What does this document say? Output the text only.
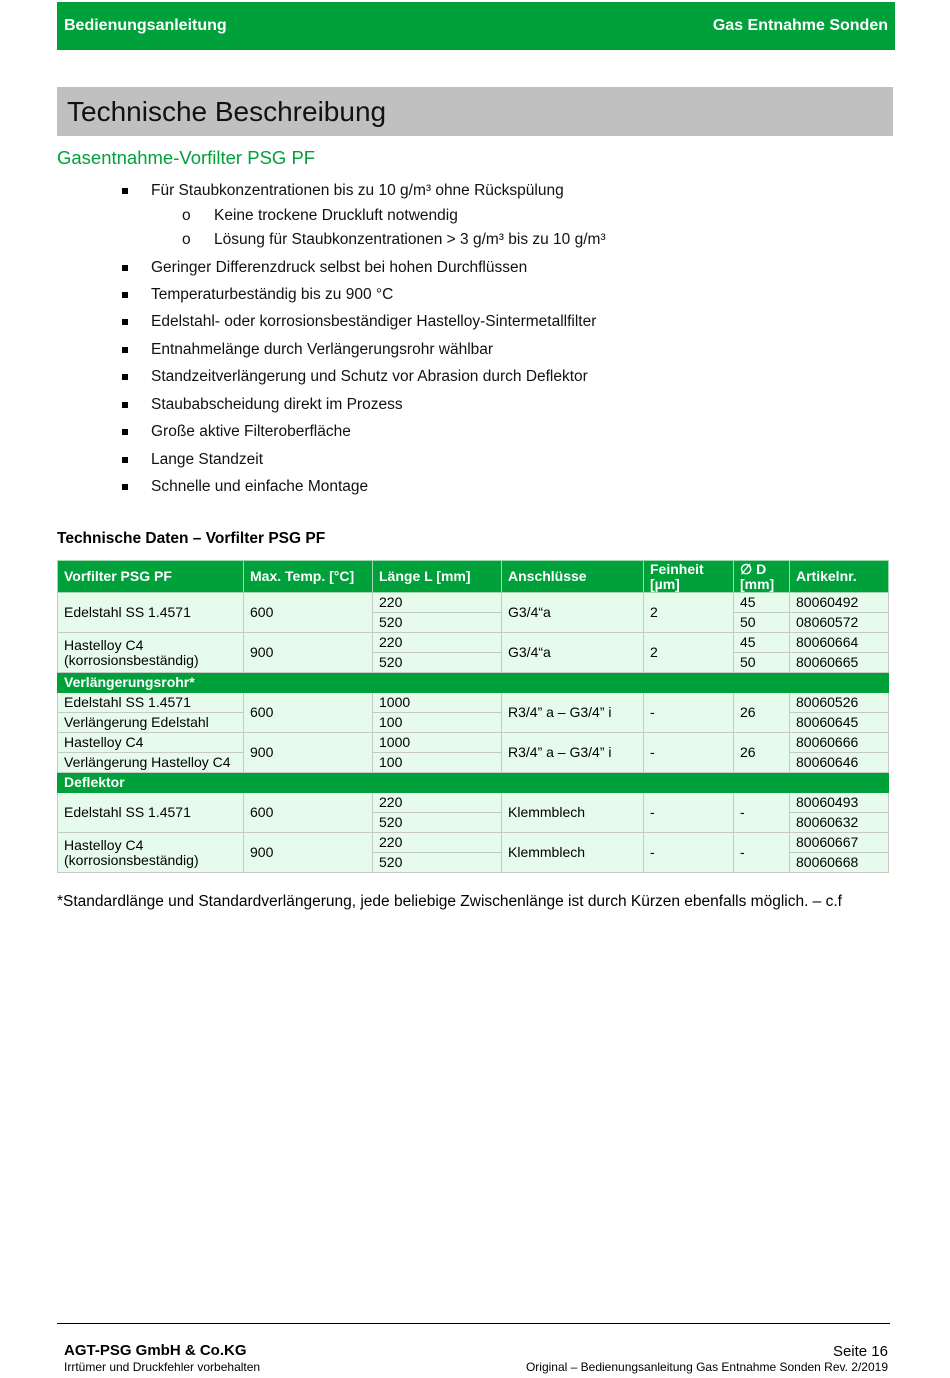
Bedienungsanleitung	Gas Entnahme Sonden
Technische Beschreibung
Gasentnahme-Vorfilter PSG PF
Für Staubkonzentrationen bis zu 10 g/m³ ohne Rückspülung
o Keine trockene Druckluft notwendig
o Lösung für Staubkonzentrationen > 3 g/m³ bis zu 10 g/m³
Geringer Differenzdruck selbst bei hohen Durchflüssen
Temperaturbeständig bis zu 900 °C
Edelstahl- oder korrosionsbeständiger Hastelloy-Sintermetallfilter
Entnahmelänge durch Verlängerungsrohr wählbar
Standzeitverlängerung und Schutz vor Abrasion durch Deflektor
Staubabscheidung direkt im Prozess
Große aktive Filteroberfläche
Lange Standzeit
Schnelle und einfache Montage
Technische Daten – Vorfilter PSG PF
Vorfilter PSG PF	Max. Temp. [°C]	Länge L [mm]	Anschlüsse	Feinheit [µm]	∅ D [mm]	Artikelnr.
Edelstahl SS 1.4571	600	220	G3/4“a	2	45	80060492
		520			50	08060572
Hastelloy C4 (korrosionsbeständig)	900	220	G3/4“a	2	45	80060664
		520			50	80060665
Verlängerungsrohr*						
Edelstahl SS 1.4571	600	1000	R3/4” a – G3/4” i	-	26	80060526
Verlängerung Edelstahl		100				80060645
Hastelloy C4	900	1000	R3/4” a – G3/4” i	-	26	80060666
Verlängerung Hastelloy C4		100				80060646
Deflektor						
Edelstahl SS 1.4571	600	220	Klemmblech	-	-	80060493
		520				80060632
Hastelloy C4 (korrosionsbeständig)	900	220	Klemmblech	-	-	80060667
		520				80060668
*Standardlänge und Standardverlängerung, jede beliebige Zwischenlänge ist durch Kürzen ebenfalls möglich. – c.f
AGT-PSG GmbH & Co.KG
Irrtümer und Druckfehler vorbehalten
Seite 16
Original – Bedienungsanleitung Gas Entnahme Sonden Rev. 2/2019
